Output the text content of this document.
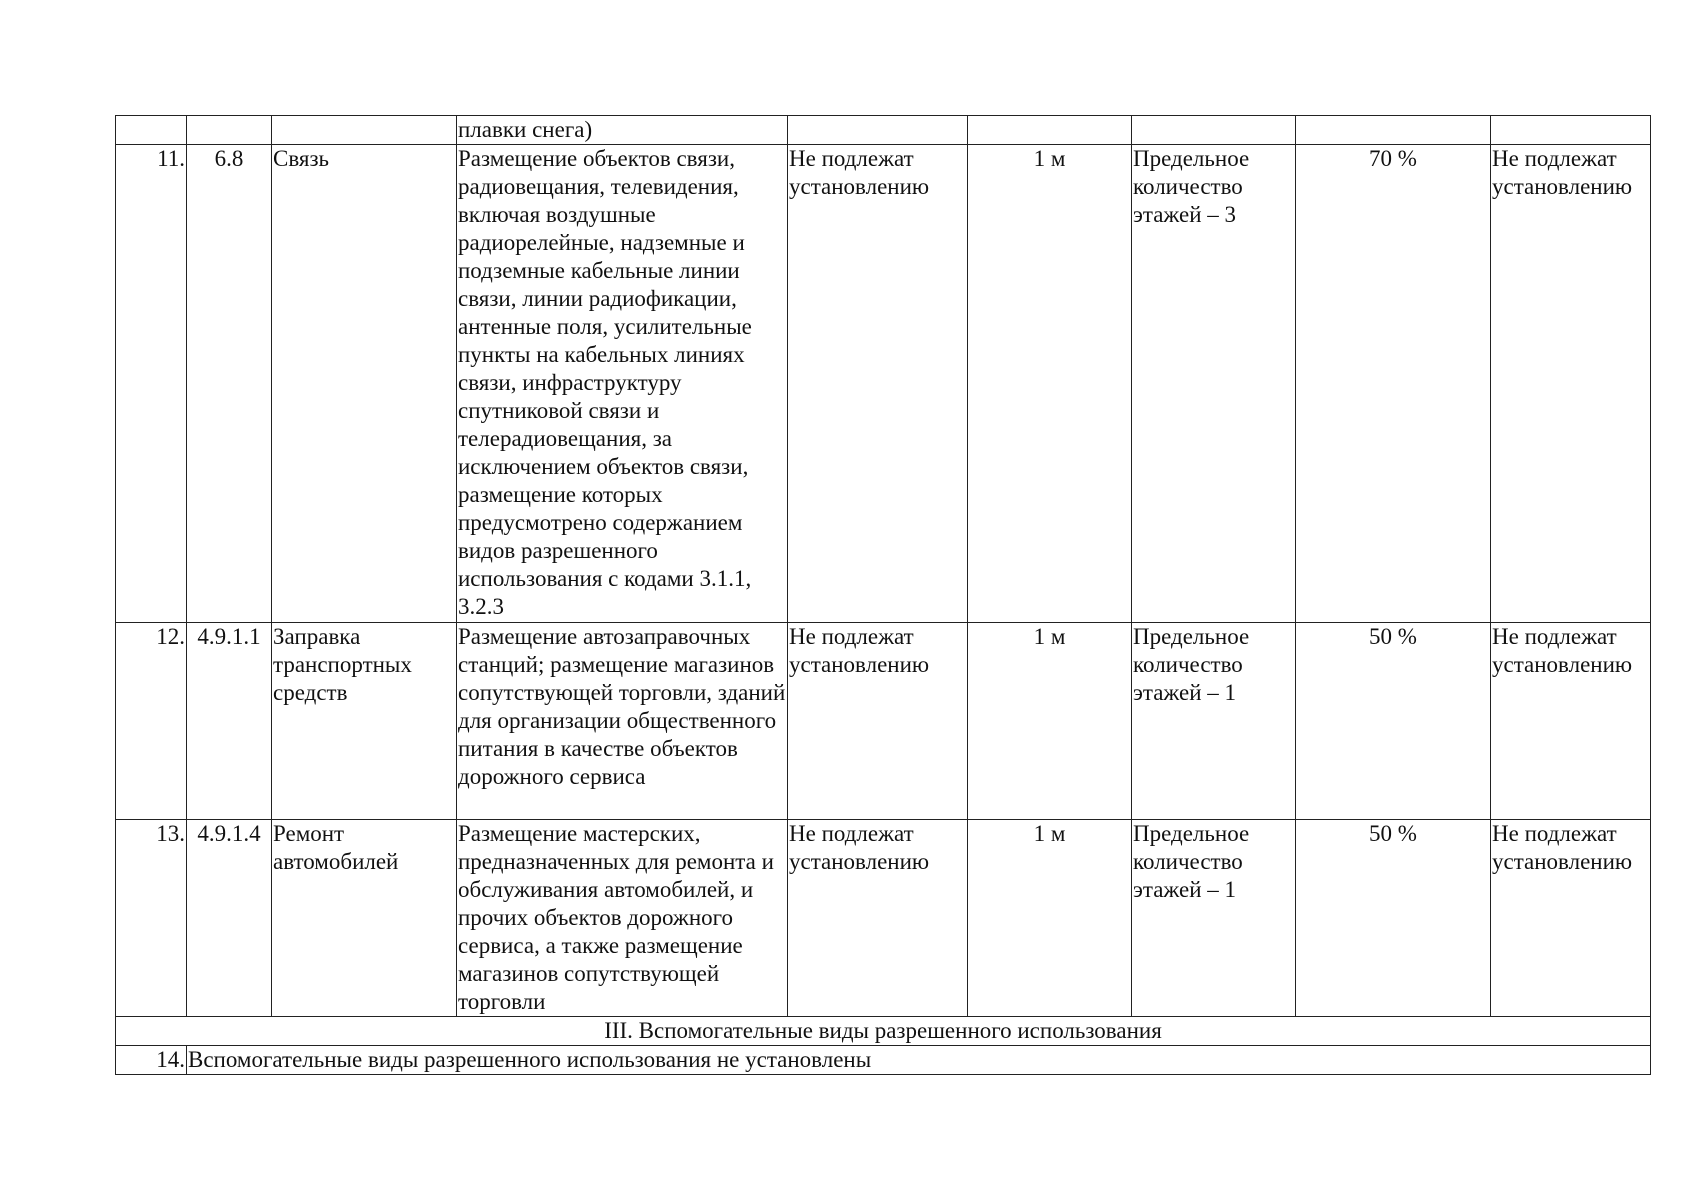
			плавки снега)					
11.	6.8	Связь	Размещение объектов связи, радиовещания, телевидения, включая воздушные радиорелейные, надземные и подземные кабельные линии связи, линии радиофикации, антенные поля, усилительные пункты на кабельных линиях связи, инфраструктуру спутниковой связи и телерадиовещания, за исключением объектов связи, размещение которых предусмотрено содержанием видов разрешенного использования с кодами 3.1.1, 3.2.3	Не подлежат установлению	1 м	Предельное количество этажей – 3	70 %	Не подлежат установлению
12.	4.9.1.1	Заправка транспортных средств	Размещение автозаправочных станций; размещение магазинов сопутствующей торговли, зданий для организации общественного питания в качестве объектов дорожного сервиса	Не подлежат установлению	1 м	Предельное количество этажей – 1	50 %	Не подлежат установлению
13.	4.9.1.4	Ремонт автомобилей	Размещение мастерских, предназначенных для ремонта и обслуживания автомобилей, и прочих объектов дорожного сервиса, а также размещение магазинов сопутствующей торговли	Не подлежат установлению	1 м	Предельное количество этажей – 1	50 %	Не подлежат установлению
III. Вспомогательные виды разрешенного использования								
14.	Вспомогательные виды разрешенного использования не установлены							
